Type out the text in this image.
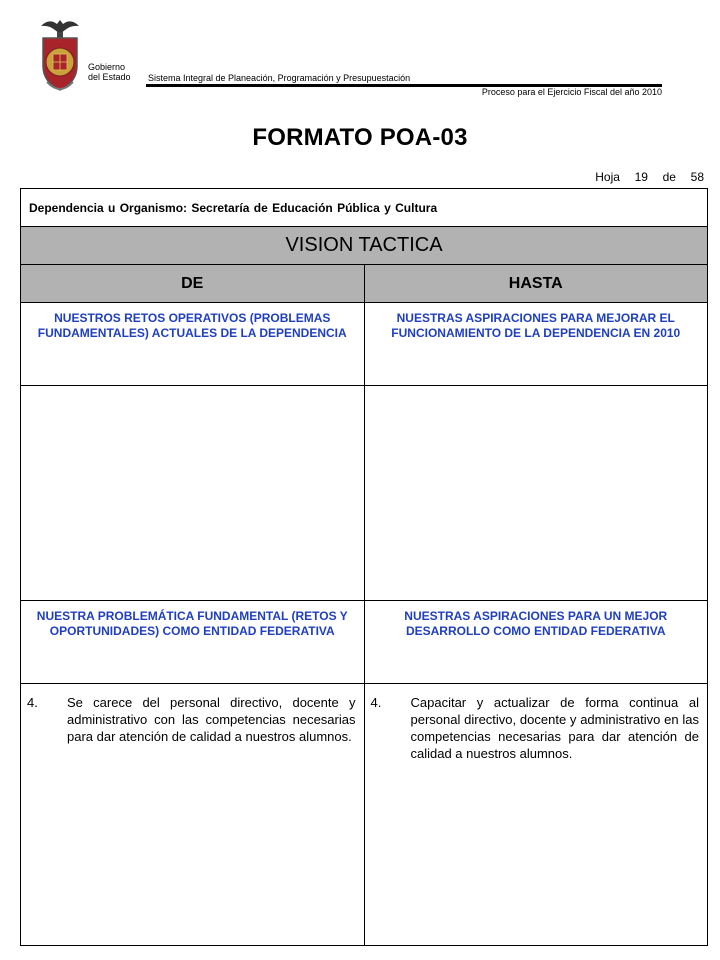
Gobierno
del Estado Sistema Integral de Planeación, Programación y Presupuestación
Proceso para el Ejercicio Fiscal del año 2010
FORMATO POA-03
Hoja  19  de  58
Dependencia u Organismo: Secretaría de Educación Pública y Cultura	
VISION TACTICA	
DE	HASTA
NUESTROS RETOS OPERATIVOS (PROBLEMAS FUNDAMENTALES) ACTUALES DE LA DEPENDENCIA	NUESTRAS ASPIRACIONES PARA MEJORAR EL FUNCIONAMIENTO DE LA DEPENDENCIA EN 2010

NUESTRA PROBLEMÁTICA FUNDAMENTAL (RETOS Y OPORTUNIDADES) COMO ENTIDAD FEDERATIVA	NUESTRAS ASPIRACIONES PARA UN MEJOR DESARROLLO COMO ENTIDAD FEDERATIVA

4. Se carece del personal directivo, docente y administrativo con las competencias necesarias para dar atención de calidad a nuestros alumnos.	4. Capacitar y actualizar de forma continua al personal directivo, docente y administrativo en las competencias necesarias para dar atención de calidad a nuestros alumnos.
